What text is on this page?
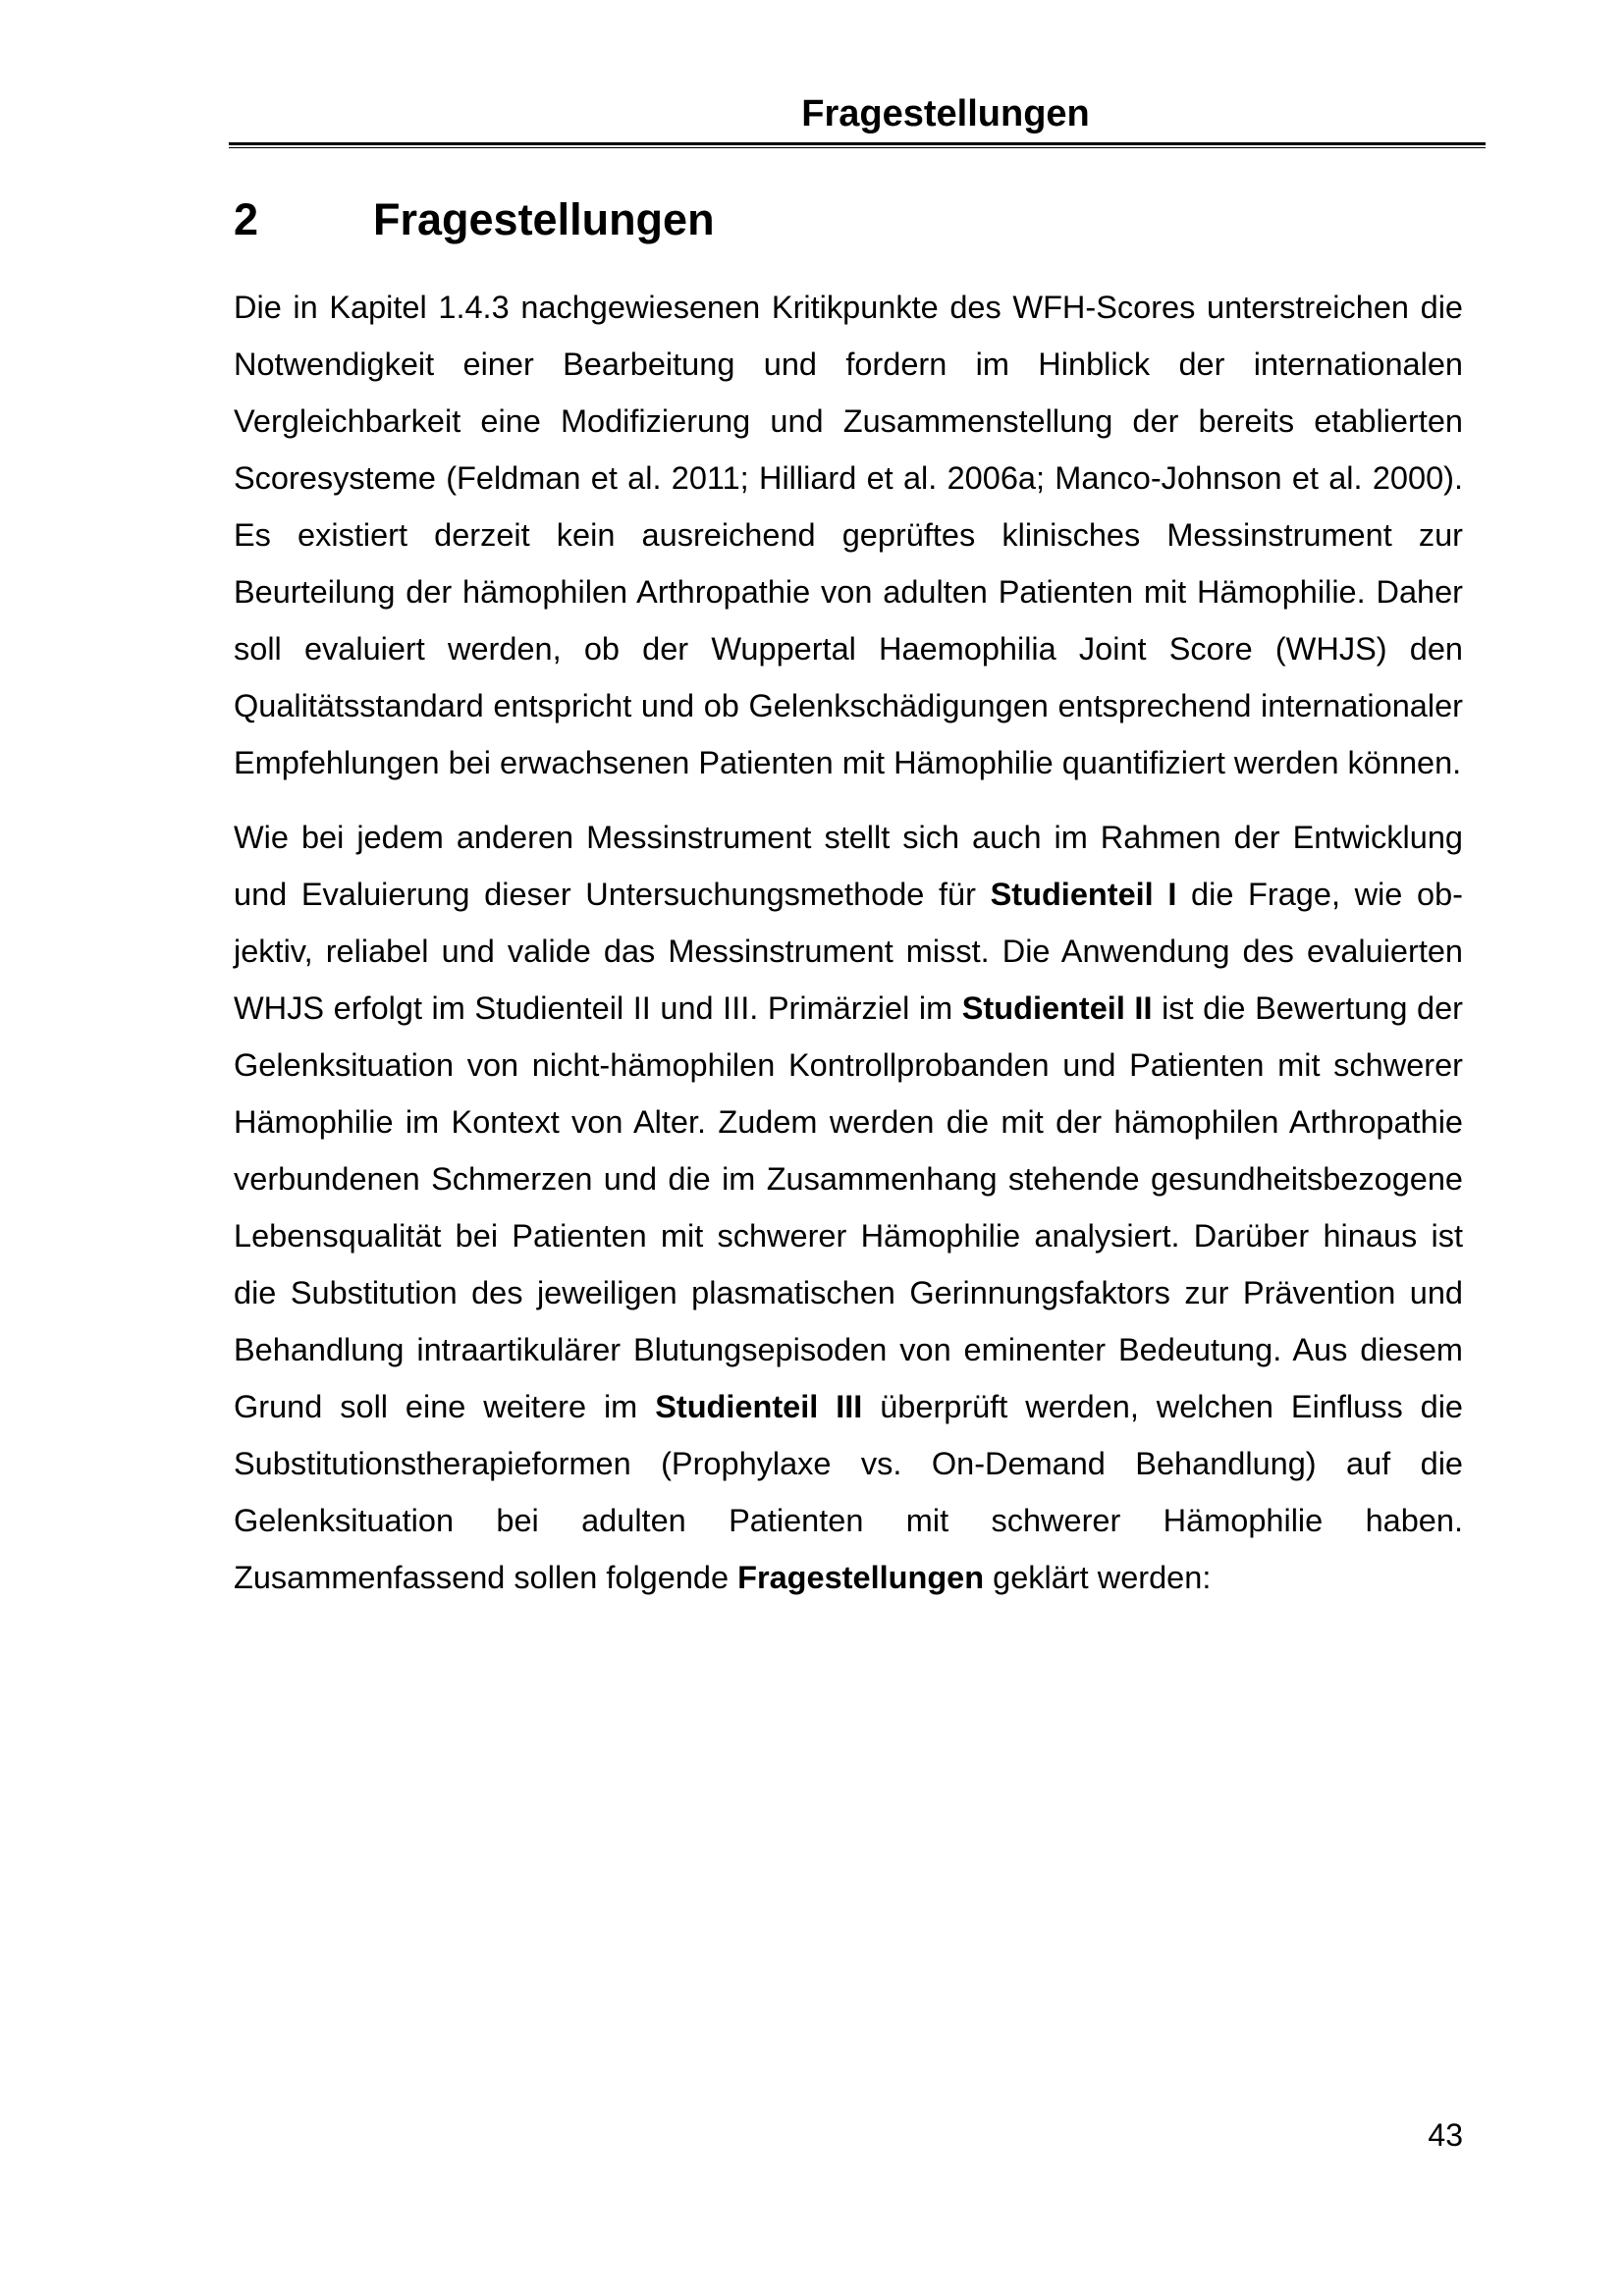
Fragestellungen
2	Fragestellungen

Die in Kapitel 1.4.3 nachgewiesenen Kritikpunkte des WFH-Scores unterstreichen die Notwendigkeit einer Bearbeitung und fordern im Hinblick der internationalen Vergleichbarkeit eine Modifizierung und Zusammenstellung der bereits etablierten Scoresysteme (Feldman et al. 2011; Hilliard et al. 2006a; Manco-Johnson et al. 2000). Es existiert derzeit kein ausreichend geprüftes klinisches Messinstrument zur Beurteilung der hämophilen Arthropathie von adulten Patienten mit Hämophilie. Daher soll evaluiert werden, ob der Wuppertal Haemophilia Joint Score (WHJS) den Qualitätsstandard entspricht und ob Gelenkschädigungen entsprechend internationaler Empfehlungen bei erwachsenen Patienten mit Hämophilie quantifiziert werden können.

Wie bei jedem anderen Messinstrument stellt sich auch im Rahmen der Entwicklung und Evaluierung dieser Untersuchungsmethode für Studienteil I die Frage, wie objektiv, reliabel und valide das Messinstrument misst. Die Anwendung des evaluierten WHJS erfolgt im Studienteil II und III. Primärziel im Studienteil II ist die Bewertung der Gelenksituation von nicht-hämophilen Kontrollprobanden und Patienten mit schwerer Hämophilie im Kontext von Alter. Zudem werden die mit der hämophilen Arthropathie verbundenen Schmerzen und die im Zusammenhang stehende gesundheitsbezogene Lebensqualität bei Patienten mit schwerer Hämophilie analysiert. Darüber hinaus ist die Substitution des jeweiligen plasmatischen Gerinnungsfaktors zur Prävention und Behandlung intraartikulärer Blutungsepisoden von eminenter Bedeutung. Aus diesem Grund soll eine weitere im Studienteil III überprüft werden, welchen Einfluss die Substitutionstherapieformen (Prophylaxe vs. On-Demand Behandlung) auf die Gelenksituation bei adulten Patienten mit schwerer Hämophilie haben. Zusammenfassend sollen folgende Fragestellungen geklärt werden:

43
